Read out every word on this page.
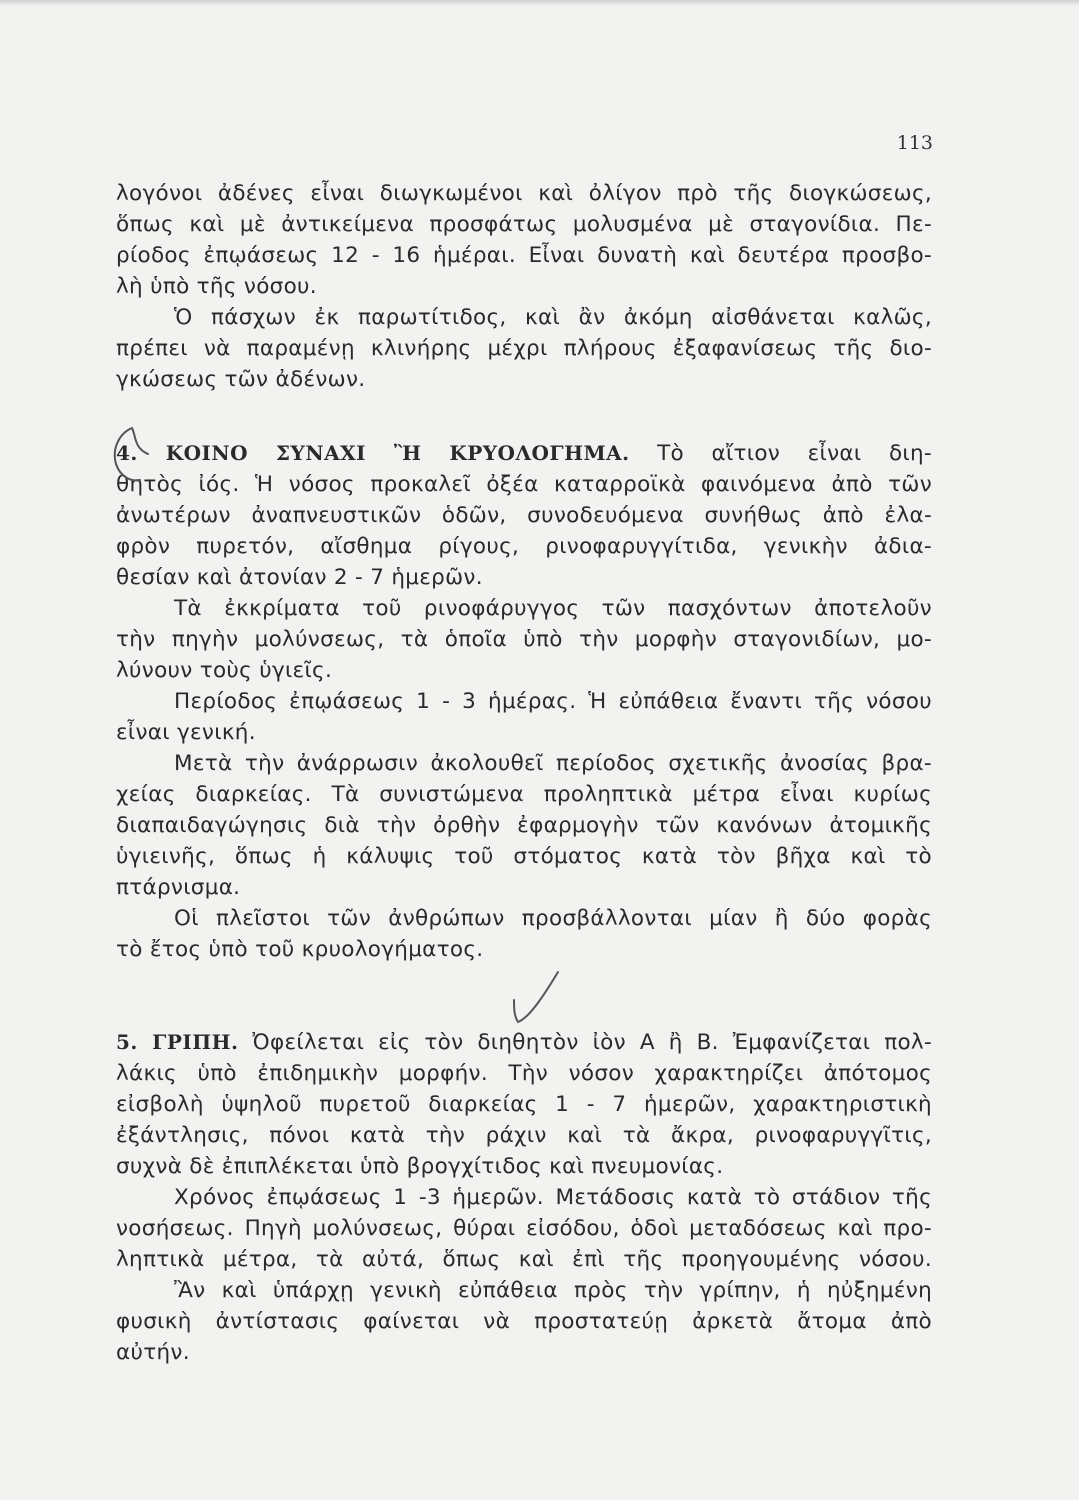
113
λογόνοι ἀδένες εἶναι διωγκωμένοι καὶ ὀλίγον πρὸ τῆς διογκώσεως,
ὅπως καὶ μὲ ἀντικείμενα προσφάτως μολυσμένα μὲ σταγονίδια. Πε-
ρίοδος ἐπῳάσεως 12 - 16 ἡμέραι. Εἶναι δυνατὴ καὶ δευτέρα προσβο-
λὴ ὑπὸ τῆς νόσου.
Ὁ πάσχων ἐκ παρωτίτιδος, καὶ ἂν ἀκόμη αἰσθάνεται καλῶς,
πρέπει νὰ παραμένῃ κλινήρης μέχρι πλήρους ἐξαφανίσεως τῆς διο-
γκώσεως τῶν ἀδένων.
4. ΚΟΙΝΟ ΣΥΝΑΧΙ Ἢ ΚΡΥΟΛΟΓΗΜΑ. Τὸ αἴτιον εἶναι διη-
θητὸς ἰός. Ἡ νόσος προκαλεῖ ὀξέα καταρροϊκὰ φαινόμενα ἀπὸ τῶν
ἀνωτέρων ἀναπνευστικῶν ὁδῶν, συνοδευόμενα συνήθως ἀπὸ ἐλα-
φρὸν πυρετόν, αἴσθημα ρίγους, ρινοφαρυγγίτιδα, γενικὴν ἀδια-
θεσίαν καὶ ἀτονίαν 2 - 7 ἡμερῶν.
Τὰ ἐκκρίματα τοῦ ρινοφάρυγγος τῶν πασχόντων ἀποτελοῦν
τὴν πηγὴν μολύνσεως, τὰ ὁποῖα ὑπὸ τὴν μορφὴν σταγονιδίων, μο-
λύνουν τοὺς ὑγιεῖς.
Περίοδος ἐπῳάσεως 1 - 3 ἡμέρας. Ἡ εὐπάθεια ἔναντι τῆς νόσου
εἶναι γενική.
Μετὰ τὴν ἀνάρρωσιν ἀκολουθεῖ περίοδος σχετικῆς ἀνοσίας βρα-
χείας διαρκείας. Τὰ συνιστώμενα προληπτικὰ μέτρα εἶναι κυρίως
διαπαιδαγώγησις διὰ τὴν ὀρθὴν ἐφαρμογὴν τῶν κανόνων ἀτομικῆς
ὑγιεινῆς, ὅπως ἡ κάλυψις τοῦ στόματος κατὰ τὸν βῆχα καὶ τὸ
πτάρνισμα.
Οἱ πλεῖστοι τῶν ἀνθρώπων προσβάλλονται μίαν ἢ δύο φορὰς
τὸ ἔτος ὑπὸ τοῦ κρυολογήματος.
5. ΓΡΙΠΗ. Ὀφείλεται εἰς τὸν διηθητὸν ἰὸν Α ἢ Β. Ἐμφανίζεται πολ-
λάκις ὑπὸ ἐπιδημικὴν μορφήν. Τὴν νόσον χαρακτηρίζει ἀπότομος
εἰσβολὴ ὑψηλοῦ πυρετοῦ διαρκείας 1 - 7 ἡμερῶν, χαρακτηριστικὴ
ἐξάντλησις, πόνοι κατὰ τὴν ράχιν καὶ τὰ ἄκρα, ρινοφαρυγγῖτις,
συχνὰ δὲ ἐπιπλέκεται ὑπὸ βρογχίτιδος καὶ πνευμονίας.
Χρόνος ἐπῳάσεως 1 -3 ἡμερῶν. Μετάδοσις κατὰ τὸ στάδιον τῆς
νοσήσεως. Πηγὴ μολύνσεως, θύραι εἰσόδου, ὁδοὶ μεταδόσεως καὶ προ-
ληπτικὰ μέτρα, τὰ αὐτά, ὅπως καὶ ἐπὶ τῆς προηγουμένης νόσου.
Ἂν καὶ ὑπάρχῃ γενικὴ εὐπάθεια πρὸς τὴν γρίπην, ἡ ηὐξημένη
φυσικὴ ἀντίστασις φαίνεται νὰ προστατεύῃ ἀρκετὰ ἄτομα ἀπὸ
αὐτήν.
